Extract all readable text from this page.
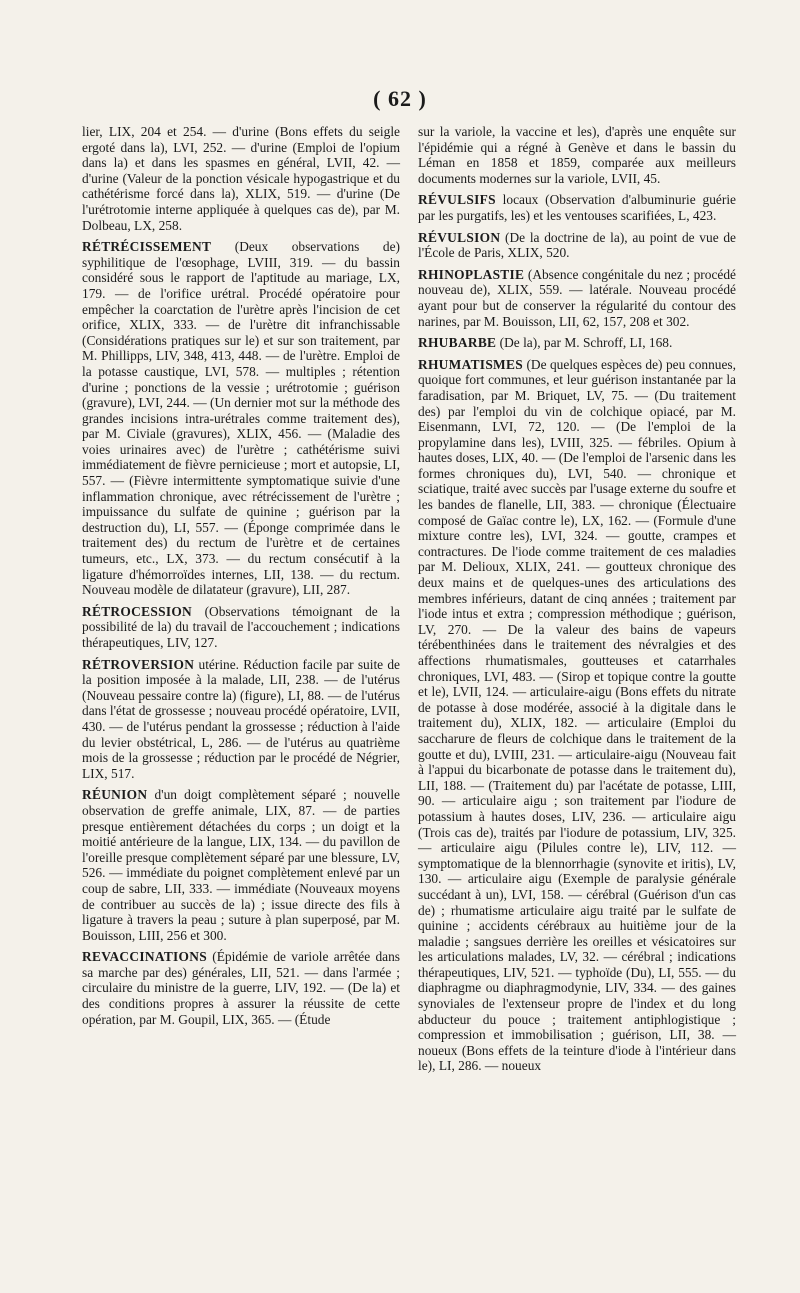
( 62 )

lier, LIX, 204 et 254. — d'urine (Bons effets du seigle ergoté dans la), LVI, 252. — d'urine (Emploi de l'opium dans la) et dans les spasmes en général, LVII, 42. — d'urine (Valeur de la ponction vésicale hypogastrique et du cathétérisme forcé dans la), XLIX, 519. — d'urine (De l'urétrotomie interne appliquée à quelques cas de), par M. Dolbeau, LX, 258.

RÉTRÉCISSEMENT (Deux observations de) syphilitique de l'œsophage, LVIII, 319. — du bassin considéré sous le rapport de l'aptitude au mariage, LX, 179. — de l'orifice urétral. Procédé opératoire pour empêcher la coarctation de l'urètre après l'incision de cet orifice, XLIX, 333. — de l'urètre dit infranchissable (Considérations pratiques sur le) et sur son traitement, par M. Phillipps, LIV, 348, 413, 448. — de l'urètre. Emploi de la potasse caustique, LVI, 578. — multiples ; rétention d'urine ; ponctions de la vessie ; urétrotomie ; guérison (gravure), LVI, 244. — (Un dernier mot sur la méthode des grandes incisions intra-urétrales comme traitement des), par M. Civiale (gravures), XLIX, 456. — (Maladie des voies urinaires avec) de l'urètre ; cathétérisme suivi immédiatement de fièvre pernicieuse ; mort et autopsie, LI, 557. — (Fièvre intermittente symptomatique suivie d'une inflammation chronique, avec rétrécissement de l'urètre ; impuissance du sulfate de quinine ; guérison par la destruction du), LI, 557. — (Éponge comprimée dans le traitement des) du rectum de l'urètre et de certaines tumeurs, etc., LX, 373. — du rectum consécutif à la ligature d'hémorroïdes internes, LII, 138. — du rectum. Nouveau modèle de dilatateur (gravure), LII, 287.

RÉTROCESSION (Observations témoignant de la possibilité de la) du travail de l'accouchement ; indications thérapeutiques, LIV, 127.

RÉTROVERSION utérine. Réduction facile par suite de la position imposée à la malade, LII, 238. — de l'utérus (Nouveau pessaire contre la) (figure), LI, 88. — de l'utérus dans l'état de grossesse ; nouveau procédé opératoire, LVII, 430. — de l'utérus pendant la grossesse ; réduction à l'aide du levier obstétrical, L, 286. — de l'utérus au quatrième mois de la grossesse ; réduction par le procédé de Négrier, LIX, 517.

RÉUNION d'un doigt complètement séparé ; nouvelle observation de greffe animale, LIX, 87. — de parties presque entièrement détachées du corps ; un doigt et la moitié antérieure de la langue, LIX, 134. — du pavillon de l'oreille presque complètement séparé par une blessure, LV, 526. — immédiate du poignet complètement enlevé par un coup de sabre, LII, 333. — immédiate (Nouveaux moyens de contribuer au succès de la) ; issue directe des fils à ligature à travers la peau ; suture à plan superposé, par M. Bouisson, LIII, 256 et 300.

REVACCINATIONS (Épidémie de variole arrêtée dans sa marche par des) générales, LII, 521. — dans l'armée ; circulaire du ministre de la guerre, LIV, 192. — (De la) et des conditions propres à assurer la réussite de cette opération, par M. Goupil, LIX, 365. — (Étude

sur la variole, la vaccine et les), d'après une enquête sur l'épidémie qui a régné à Genève et dans le bassin du Léman en 1858 et 1859, comparée aux meilleurs documents modernes sur la variole, LVII, 45.

RÉVULSIFS locaux (Observation d'albuminurie guérie par les purgatifs, les) et les ventouses scarifiées, L, 423.

RÉVULSION (De la doctrine de la), au point de vue de l'École de Paris, XLIX, 520.

RHINOPLASTIE (Absence congénitale du nez ; procédé nouveau de), XLIX, 559. — latérale. Nouveau procédé ayant pour but de conserver la régularité du contour des narines, par M. Bouisson, LII, 62, 157, 208 et 302.

RHUBARBE (De la), par M. Schroff, LI, 168.

RHUMATISMES (De quelques espèces de) peu connues, quoique fort communes, et leur guérison instantanée par la faradisation, par M. Briquet, LV, 75. — (Du traitement des) par l'emploi du vin de colchique opiacé, par M. Eisenmann, LVI, 72, 120. — (De l'emploi de la propylamine dans les), LVIII, 325. — fébriles. Opium à hautes doses, LIX, 40. — (De l'emploi de l'arsenic dans les formes chroniques du), LVI, 540. — chronique et sciatique, traité avec succès par l'usage externe du soufre et les bandes de flanelle, LII, 383. — chronique (Électuaire composé de Gaïac contre le), LX, 162. — (Formule d'une mixture contre les), LVI, 324. — goutte, crampes et contractures. De l'iode comme traitement de ces maladies par M. Delioux, XLIX, 241. — goutteux chronique des deux mains et de quelques-unes des articulations des membres inférieurs, datant de cinq années ; traitement par l'iode intus et extra ; compression méthodique ; guérison, LV, 270. — De la valeur des bains de vapeurs térébenthinées dans le traitement des névralgies et des affections rhumatismales, goutteuses et catarrhales chroniques, LVI, 483. — (Sirop et topique contre la goutte et le), LVII, 124. — articulaire-aigu (Bons effets du nitrate de potasse à dose modérée, associé à la digitale dans le traitement du), XLIX, 182. — articulaire (Emploi du saccharure de fleurs de colchique dans le traitement de la goutte et du), LVIII, 231. — articulaire-aigu (Nouveau fait à l'appui du bicarbonate de potasse dans le traitement du), LII, 188. — (Traitement du) par l'acétate de potasse, LIII, 90. — articulaire aigu ; son traitement par l'iodure de potassium à hautes doses, LIV, 236. — articulaire aigu (Trois cas de), traités par l'iodure de potassium, LIV, 325. — articulaire aigu (Pilules contre le), LIV, 112. — symptomatique de la blennorrhagie (synovite et iritis), LV, 130. — articulaire aigu (Exemple de paralysie générale succédant à un), LVI, 158. — cérébral (Guérison d'un cas de) ; rhumatisme articulaire aigu traité par le sulfate de quinine ; accidents cérébraux au huitième jour de la maladie ; sangsues derrière les oreilles et vésicatoires sur les articulations malades, LV, 32. — cérébral ; indications thérapeutiques, LIV, 521. — typhoïde (Du), LI, 555. — du diaphragme ou diaphragmodynie, LIV, 334. — des gaines synoviales de l'extenseur propre de l'index et du long abducteur du pouce ; traitement antiphlogistique ; compression et immobilisation ; guérison, LII, 38. — noueux (Bons effets de la teinture d'iode à l'intérieur dans le), LI, 286. — noueux
